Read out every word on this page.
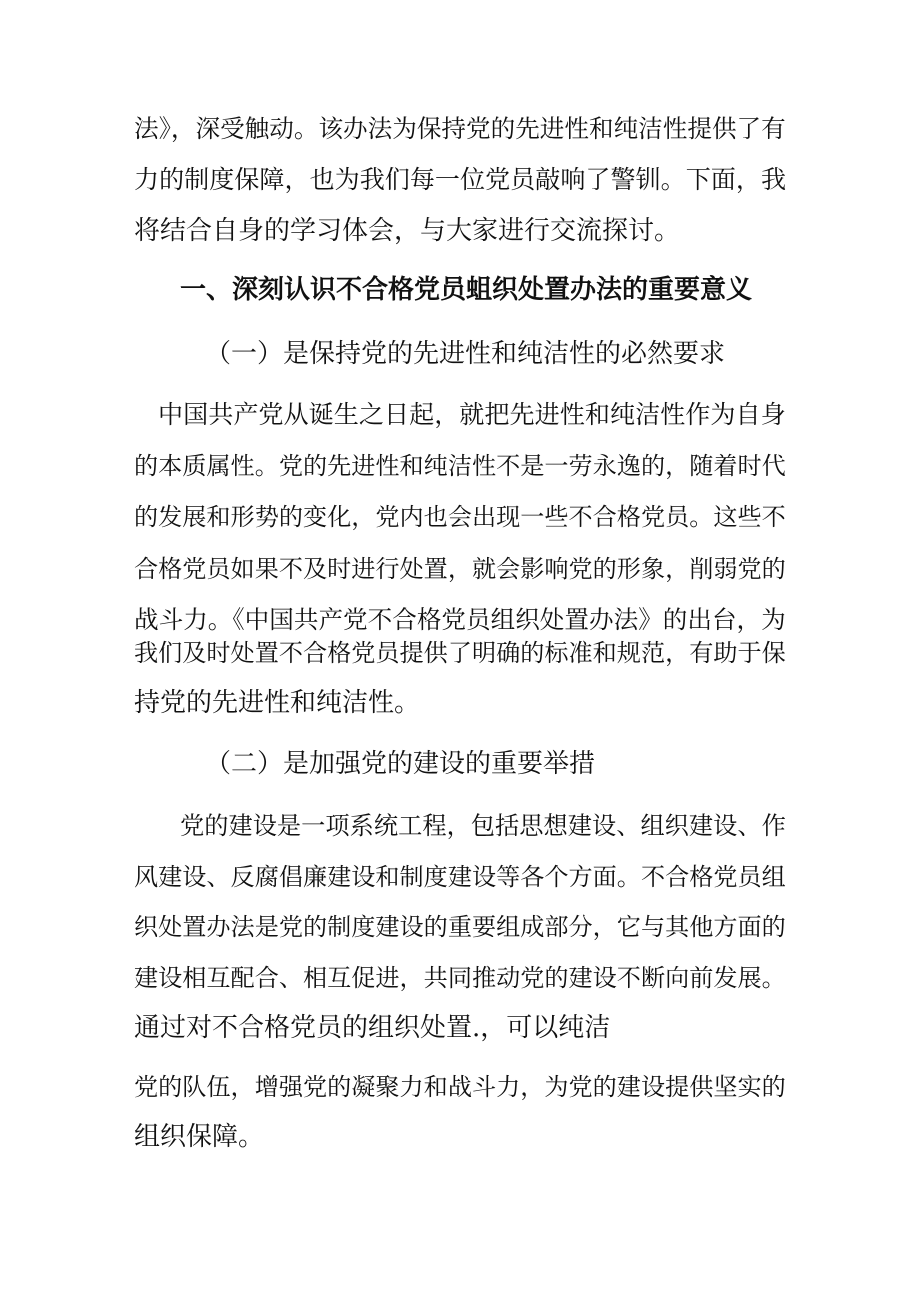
法》，深受触动。该办法为保持党的先进性和纯洁性提供了有
力的制度保障，也为我们每一位党员敲响了警钏。下面，我
将结合自身的学习体会，与大家进行交流探讨。
一、深刻认识不合格党员蛆织处置办法的重要意义
（一）是保持党的先进性和纯洁性的必然要求
中国共产党从诞生之日起，就把先进性和纯洁性作为自身
的本质属性。党的先进性和纯洁性不是一劳永逸的，随着时代
的发展和形势的变化，党内也会出现一些不合格党员。这些不
合格党员如果不及时进行处置，就会影响党的形象，削弱党的
战斗力。《中国共产党不合格党员组织处置办法》的出台，为
我们及时处置不合格党员提供了明确的标准和规范，有助于保
持党的先进性和纯洁性。
（二）是加强党的建设的重要举措
党的建设是一项系统工程，包括思想建设、组织建设、作
风建设、反腐倡廉建设和制度建设等各个方面。不合格党员组
织处置办法是党的制度建设的重要组成部分，它与其他方面的
建设相互配合、相互促进，共同推动党的建设不断向前发展。
通过对不合格党员的组织处置.，可以纯洁
党的队伍，增强党的凝聚力和战斗力，为党的建设提供坚实的
组织保障。
